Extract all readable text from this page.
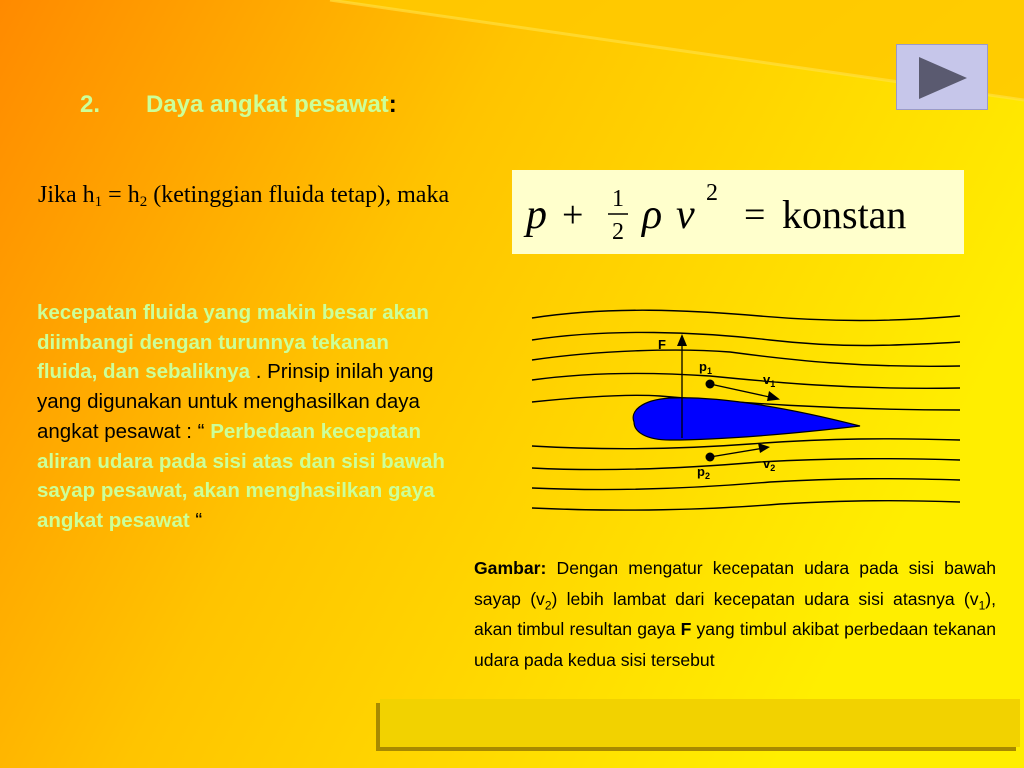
2. Daya angkat pesawat:
Jika $h_1 = h_2$ (ketinggian fluida tetap), maka p + 1
2 ρ v 2
= konstan
kecepatan fluida yang makin besar akan diimbangi dengan turunnya tekanan fluida, dan sebaliknya . Prinsip inilah yang yang digunakan untuk menghasilkan daya angkat pesawat : “ Perbedaan kecepatan aliran udara pada sisi atas dan sisi bawah sayap pesawat, akan menghasilkan gaya angkat pesawat “
F
$p_1$
$v_1$
$p_2$
$v_2$
Gambar: Dengan mengatur kecepatan udara pada sisi bawah sayap $(v_2)$ lebih lambat dari kecepatan udara sisi atasnya $(v_1)$, akan timbul resultan gaya F yang timbul akibat perbedaan tekanan udara pada kedua sisi tersebut
